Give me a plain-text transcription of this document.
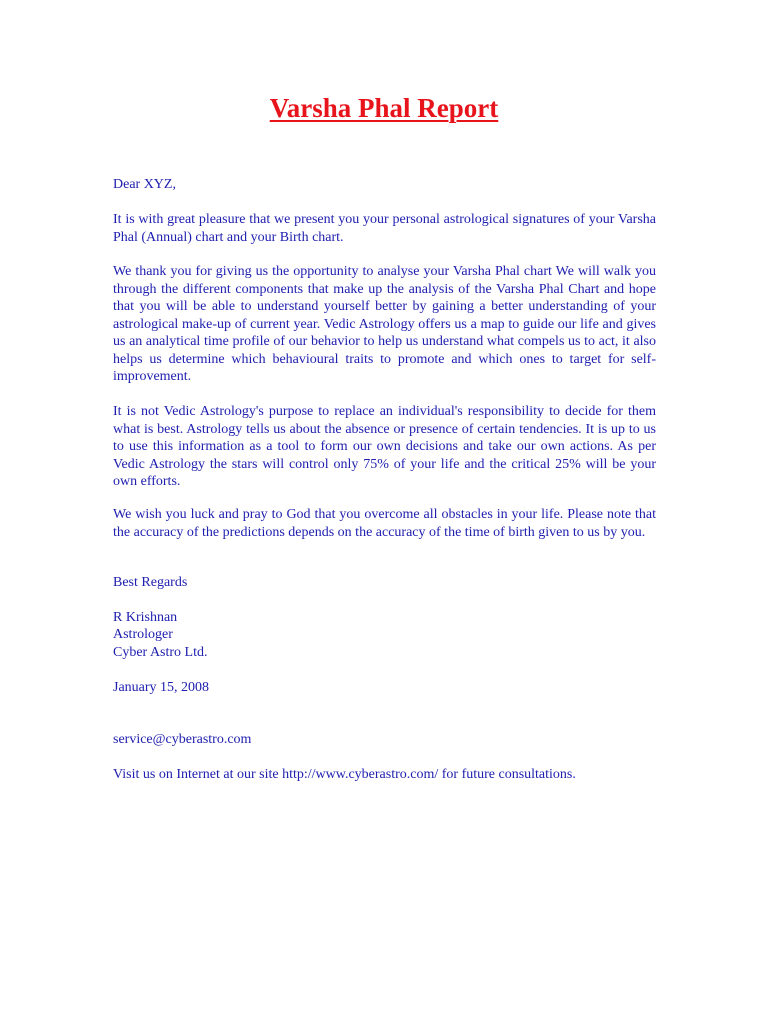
Varsha Phal Report

Dear XYZ,

It is with great pleasure that we present you your personal astrological signatures of your Varsha Phal (Annual) chart and your Birth chart.

We thank you for giving us the opportunity to analyse your Varsha Phal chart We will walk you through the different components that make up the analysis of the Varsha Phal Chart and hope that you will be able to understand yourself better by gaining a better understanding of your astrological make-up of current year. Vedic Astrology offers us a map to guide our life and gives us an analytical time profile of our behavior to help us understand what compels us to act, it also helps us determine which behavioural traits to promote and which ones to target for self-improvement.

It is not Vedic Astrology's purpose to replace an individual's responsibility to decide for them what is best. Astrology tells us about the absence or presence of certain tendencies. It is up to us to use this information as a tool to form our own decisions and take our own actions. As per Vedic Astrology the stars will control only 75% of your life and the critical 25% will be your own efforts.

We wish you luck and pray to God that you overcome all obstacles in your life. Please note that the accuracy of the predictions depends on the accuracy of the time of birth given to us by you.

Best Regards

R Krishnan

Astrologer

Cyber Astro Ltd.

January 15, 2008

service@cyberastro.com

Visit us on Internet at our site http://www.cyberastro.com/ for future consultations.
